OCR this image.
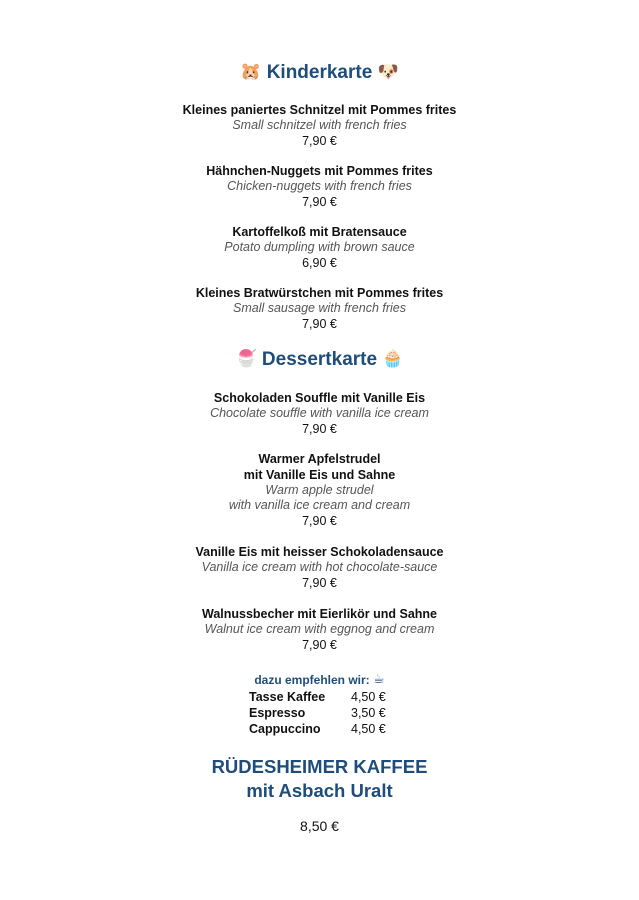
🐹 Kinderkarte 🐶
Kleines paniertes Schnitzel mit Pommes frites
Small schnitzel with french fries
7,90 €
Hähnchen-Nuggets mit Pommes frites
Chicken-nuggets with french fries
7,90 €
Kartoffelkoß mit Bratensauce
Potato dumpling with brown sauce
6,90 €
Kleines Bratwürstchen mit Pommes frites
Small sausage with french fries
7,90 €
🍧 Dessertkarte 🧁
Schokoladen Souffle mit Vanille Eis
Chocolate souffle with vanilla ice cream
7,90 €
Warmer Apfelstrudel
mit Vanille Eis und Sahne
Warm apple strudel
with vanilla ice cream and cream
7,90 €
Vanille Eis mit heisser Schokoladensauce
Vanilla ice cream with hot chocolate-sauce
7,90 €
Walnussbecher mit Eierlikör und Sahne
Walnut ice cream with eggnog and cream
7,90 €
dazu empfehlen wir: ☕
Tasse Kaffee 4,50 €
Espresso	3,50 €
Cappuccino 4,50 €
RÜDESHEIMER KAFFEE
mit Asbach Uralt
8,50 €
